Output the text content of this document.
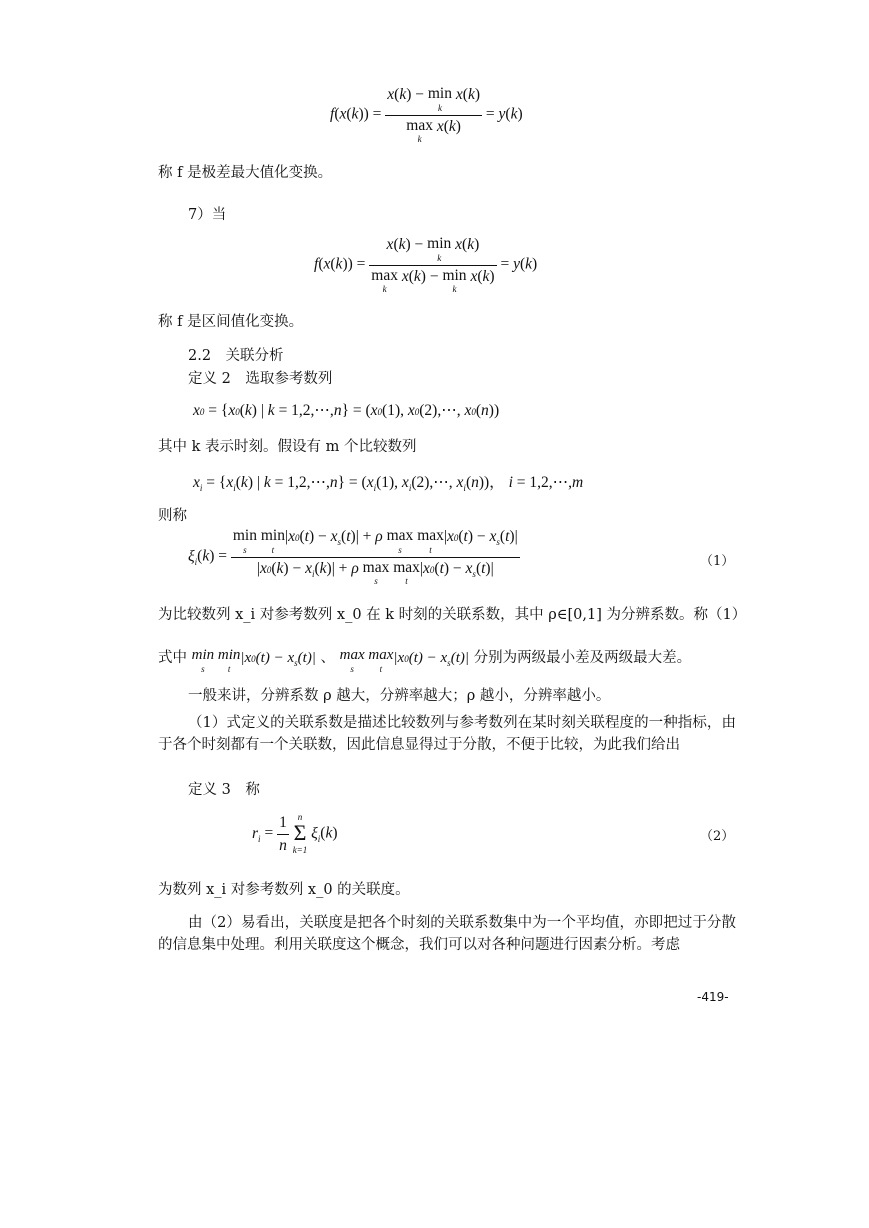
f(x(k)) = x(k) − min
k
x(k)
max
k
x(k) = y(k)
称 f 是极差最大值化变换。
7）当
f(x(k)) = x(k) − min
k
x(k)
max
k
x(k) − min
k
x(k) = y(k)
称 f 是区间值化变换。
2.2　关联分析
定义 2　选取参考数列
x0 = {x0(k) | k = 1,2,⋯,n} = (x0(1), x0(2),⋯, x0(n))
其中 k 表示时刻。假设有 m 个比较数列
$x_i = \{x_i(k)$ | k = 1,2,⋯,n} = ($x_i(1)$, $x_i(2),\cdots$, $x_i(n)$)， i = 1,2,⋯,m
则称
$\xi_i(k) = \min$
s
min
t
$|x0(t) - x_s(t)| + \rho$ max
s
max
t
$|x0(t) - x_s(t)|$
$|x0(k) - x_i(k)| + \rho$ max
s
max
t
$|x0(t) - x_s(t)|$	（1）
为比较数列 x_i 对参考数列 x_0 在 k 时刻的关联系数，其中 ρ∈[0,1] 为分辨系数。称（1）
式中 min
s
min
t
$|x0(t) - x_s(t)|$ 、 max
s
max
t
$|x0(t) - x_s(t)|$ 分别为两级最小差及两级最大差。
一般来讲，分辨系数 ρ 越大，分辨率越大；ρ 越小，分辨率越小。
（1）式定义的关联系数是描述比较数列与参考数列在某时刻关联程度的一种指标，由于各个时刻都有一个关联数，因此信息显得过于分散，不便于比较，为此我们给出
定义 3　称
$r_i = \frac{1}{n}$
n
Σ
k=1
$\xi_i(k)$	（2）
为数列 x_i 对参考数列 x_0 的关联度。
由（2）易看出，关联度是把各个时刻的关联系数集中为一个平均值，亦即把过于分散的信息集中处理。利用关联度这个概念，我们可以对各种问题进行因素分析。考虑
-419-
